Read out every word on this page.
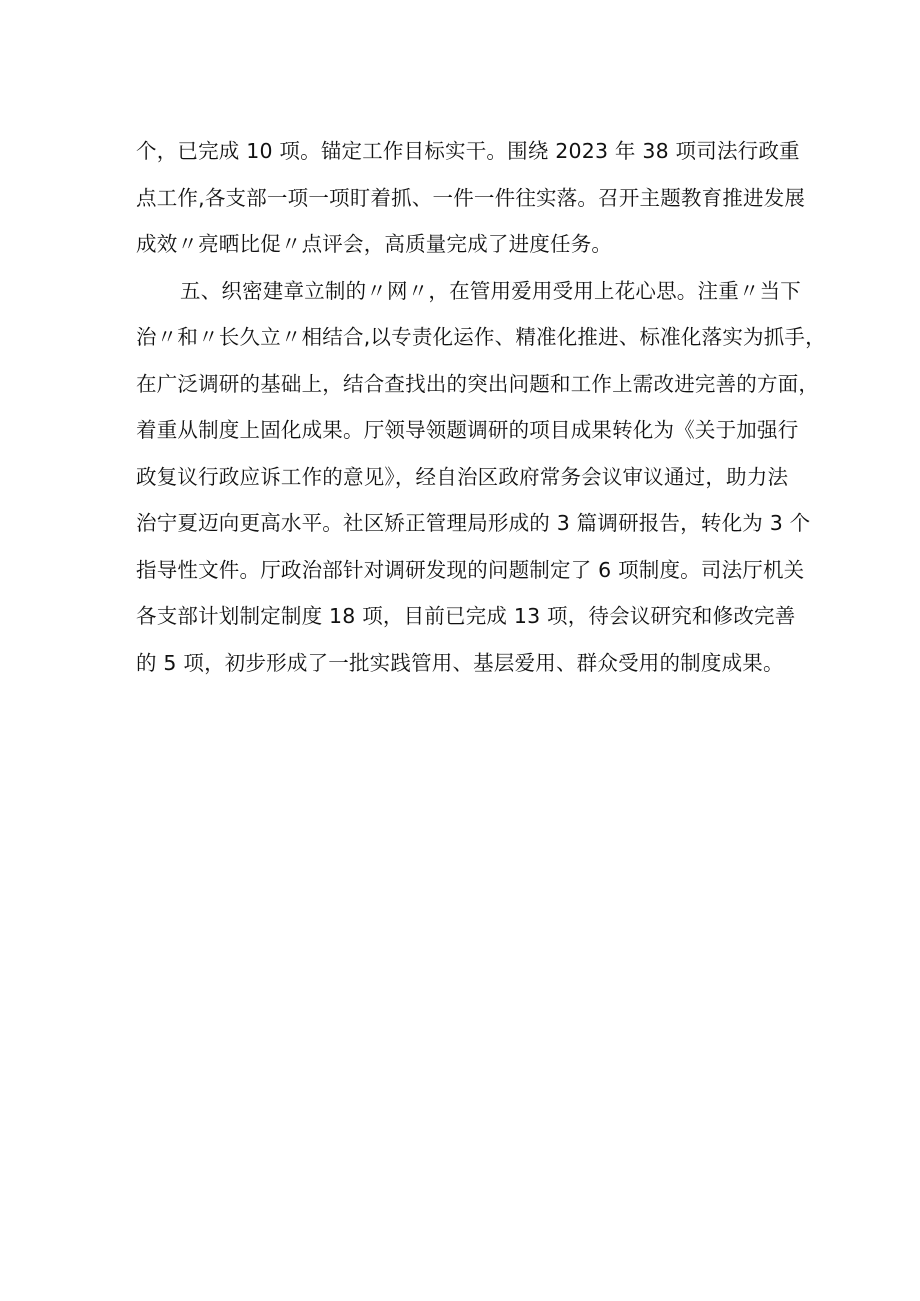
个，已完成 10 项。锚定工作目标实干。围绕 2023 年 38 项司法行政重
点工作,各支部一项一项盯着抓、一件一件往实落。召开主题教育推进发展
成效〃亮晒比促〃点评会，高质量完成了进度任务。
五、织密建章立制的〃网〃，在管用爱用受用上花心思。注重〃当下
治〃和〃长久立〃相结合,以专责化运作、精准化推进、标准化落实为抓手，
在广泛调研的基础上，结合查找出的突出问题和工作上需改进完善的方面，
着重从制度上固化成果。厅领导领题调研的项目成果转化为《关于加强行
政复议行政应诉工作的意见》，经自治区政府常务会议审议通过，助力法
治宁夏迈向更高水平。社区矫正管理局形成的 3 篇调研报告，转化为 3 个
指导性文件。厅政治部针对调研发现的问题制定了 6 项制度。司法厅机关
各支部计划制定制度 18 项，目前已完成 13 项，待会议研究和修改完善
的 5 项，初步形成了一批实践管用、基层爱用、群众受用的制度成果。
